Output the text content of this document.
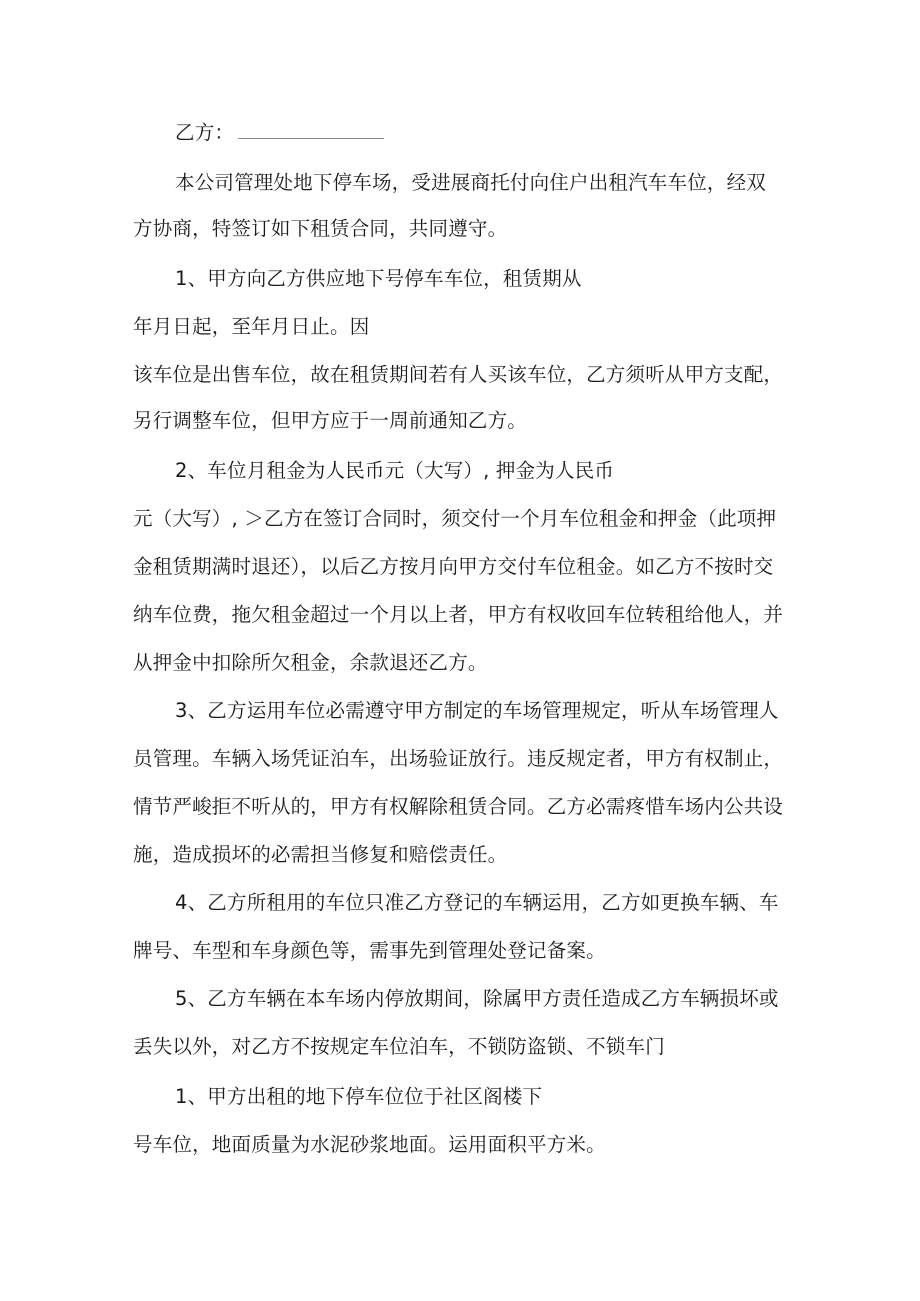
乙方：
本公司管理处地下停车场，受进展商托付向住户出租汽车车位，经双
方协商，特签订如下租赁合同，共同遵守。
1、甲方向乙方供应地下号停车车位，租赁期从
年月日起，至年月日止。因
该车位是出售车位，故在租赁期间若有人买该车位，乙方须听从甲方支配，
另行调整车位，但甲方应于一周前通知乙方。
2、车位月租金为人民币元（大写）, 押金为人民币
元（大写）, ＞乙方在签订合同时，须交付一个月车位租金和押金（此项押
金租赁期满时退还），以后乙方按月向甲方交付车位租金。如乙方不按时交
纳车位费，拖欠租金超过一个月以上者，甲方有权收回车位转租给他人，并
从押金中扣除所欠租金，余款退还乙方。
3、乙方运用车位必需遵守甲方制定的车场管理规定，听从车场管理人
员管理。车辆入场凭证泊车，出场验证放行。违反规定者，甲方有权制止，
情节严峻拒不听从的，甲方有权解除租赁合同。乙方必需疼惜车场内公共设
施，造成损坏的必需担当修复和赔偿责任。
4、乙方所租用的车位只准乙方登记的车辆运用，乙方如更换车辆、车
牌号、车型和车身颜色等，需事先到管理处登记备案。
5、乙方车辆在本车场内停放期间，除属甲方责任造成乙方车辆损坏或
丢失以外，对乙方不按规定车位泊车，不锁防盗锁、不锁车门
1、甲方出租的地下停车位位于社区阁楼下
号车位，地面质量为水泥砂浆地面。运用面积平方米。
